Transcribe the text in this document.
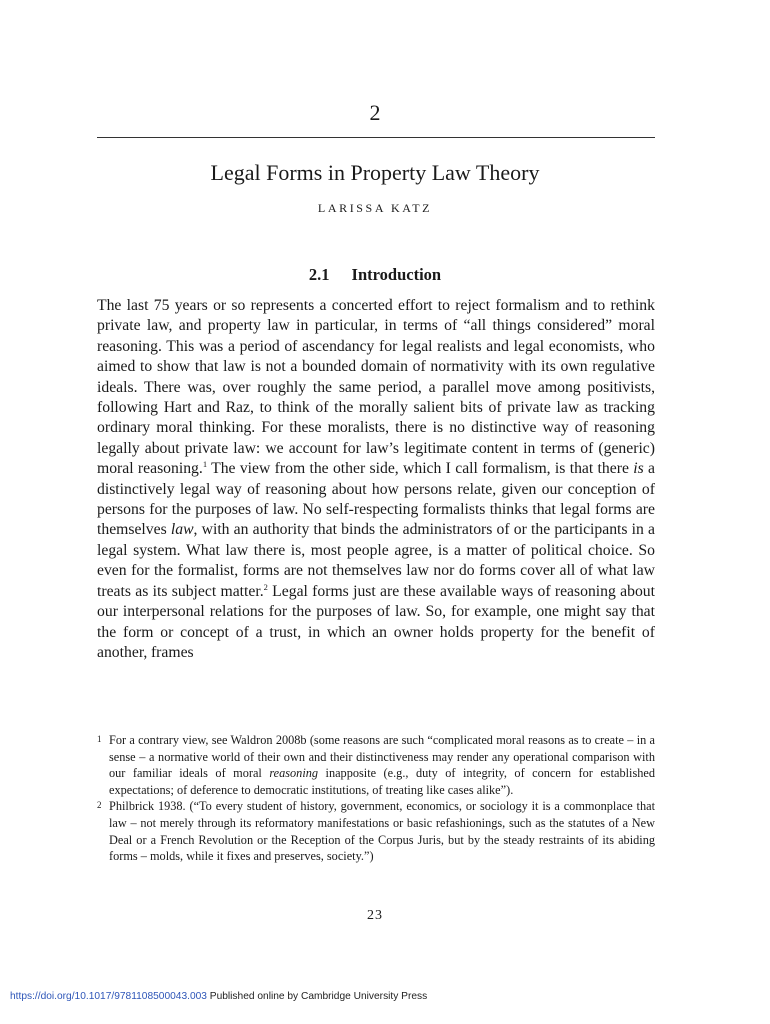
2
Legal Forms in Property Law Theory
LARISSA KATZ
2.1 Introduction

The last 75 years or so represents a concerted effort to reject formalism and to rethink private law, and property law in particular, in terms of “all things considered” moral reasoning. This was a period of ascendancy for legal realists and legal economists, who aimed to show that law is not a bounded domain of normativity with its own regulative ideals. There was, over roughly the same period, a parallel move among positivists, following Hart and Raz, to think of the morally salient bits of private law as tracking ordinary moral thinking. For these moralists, there is no distinctive way of reasoning legally about private law: we account for law’s legitimate content in terms of (generic) moral reasoning.$^1$ The view from the other side, which I call formalism, is that there is a distinctively legal way of reasoning about how persons relate, given our conception of persons for the purposes of law. No self-respecting formalists thinks that legal forms are themselves law, with an authority that binds the administrators of or the participants in a legal system. What law there is, most people agree, is a matter of political choice. So even for the formalist, forms are not themselves law nor do forms cover all of what law treats as its subject matter.$^2$ Legal forms just are these available ways of reasoning about our interpersonal relations for the purposes of law. So, for example, one might say that the form or concept of a trust, in which an owner holds property for the benefit of another, frames

1 For a contrary view, see Waldron 2008b (some reasons are such “complicated moral reasons as to create – in a sense – a normative world of their own and their distinctiveness may render any operational comparison with our familiar ideals of moral reasoning inapposite (e.g., duty of integrity, of concern for established expectations; of deference to democratic institutions, of treating like cases alike”).
2 Philbrick 1938. (“To every student of history, government, economics, or sociology it is a commonplace that law – not merely through its reformatory manifestations or basic refashionings, such as the statutes of a New Deal or a French Revolution or the Reception of the Corpus Juris, but by the steady restraints of its abiding forms – molds, while it fixes and preserves, society.”)
23
https://doi.org/10.1017/9781108500043.003 Published online by Cambridge University Press
